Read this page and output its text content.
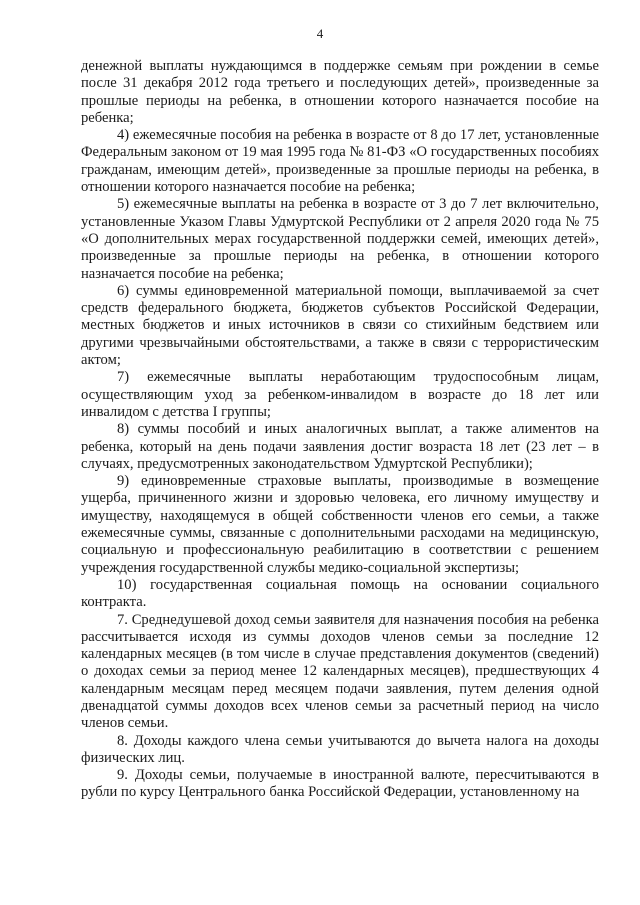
4

денежной выплаты нуждающимся в поддержке семьям при рождении в семье после 31 декабря 2012 года третьего и последующих детей», произведенные за прошлые периоды на ребенка, в отношении которого назначается пособие на ребенка;

4) ежемесячные пособия на ребенка в возрасте от 8 до 17 лет, установленные Федеральным законом от 19 мая 1995 года № 81-ФЗ «О государственных пособиях гражданам, имеющим детей», произведенные за прошлые периоды на ребенка, в отношении которого назначается пособие на ребенка;

5) ежемесячные выплаты на ребенка в возрасте от 3 до 7 лет включительно, установленные Указом Главы Удмуртской Республики от 2 апреля 2020 года № 75 «О дополнительных мерах государственной поддержки семей, имеющих детей», произведенные за прошлые периоды на ребенка, в отношении которого назначается пособие на ребенка;

6) суммы единовременной материальной помощи, выплачиваемой за счет средств федерального бюджета, бюджетов субъектов Российской Федерации, местных бюджетов и иных источников в связи со стихийным бедствием или другими чрезвычайными обстоятельствами, а также в связи с террористическим актом;

7) ежемесячные выплаты неработающим трудоспособным лицам, осуществляющим уход за ребенком-инвалидом в возрасте до 18 лет или инвалидом с детства I группы;

8) суммы пособий и иных аналогичных выплат, а также алиментов на ребенка, который на день подачи заявления достиг возраста 18 лет (23 лет – в случаях, предусмотренных законодательством Удмуртской Республики);

9) единовременные страховые выплаты, производимые в возмещение ущерба, причиненного жизни и здоровью человека, его личному имуществу и имуществу, находящемуся в общей собственности членов его семьи, а также ежемесячные суммы, связанные с дополнительными расходами на медицинскую, социальную и профессиональную реабилитацию в соответствии с решением учреждения государственной службы медико-социальной экспертизы;

10) государственная социальная помощь на основании социального контракта.

7. Среднедушевой доход семьи заявителя для назначения пособия на ребенка рассчитывается исходя из суммы доходов членов семьи за последние 12 календарных месяцев (в том числе в случае представления документов (сведений) о доходах семьи за период менее 12 календарных месяцев), предшествующих 4 календарным месяцам перед месяцем подачи заявления, путем деления одной двенадцатой суммы доходов всех членов семьи за расчетный период на число членов семьи.

8. Доходы каждого члена семьи учитываются до вычета налога на доходы физических лиц.

9. Доходы семьи, получаемые в иностранной валюте, пересчитываются в рубли по курсу Центрального банка Российской Федерации, установленному на
